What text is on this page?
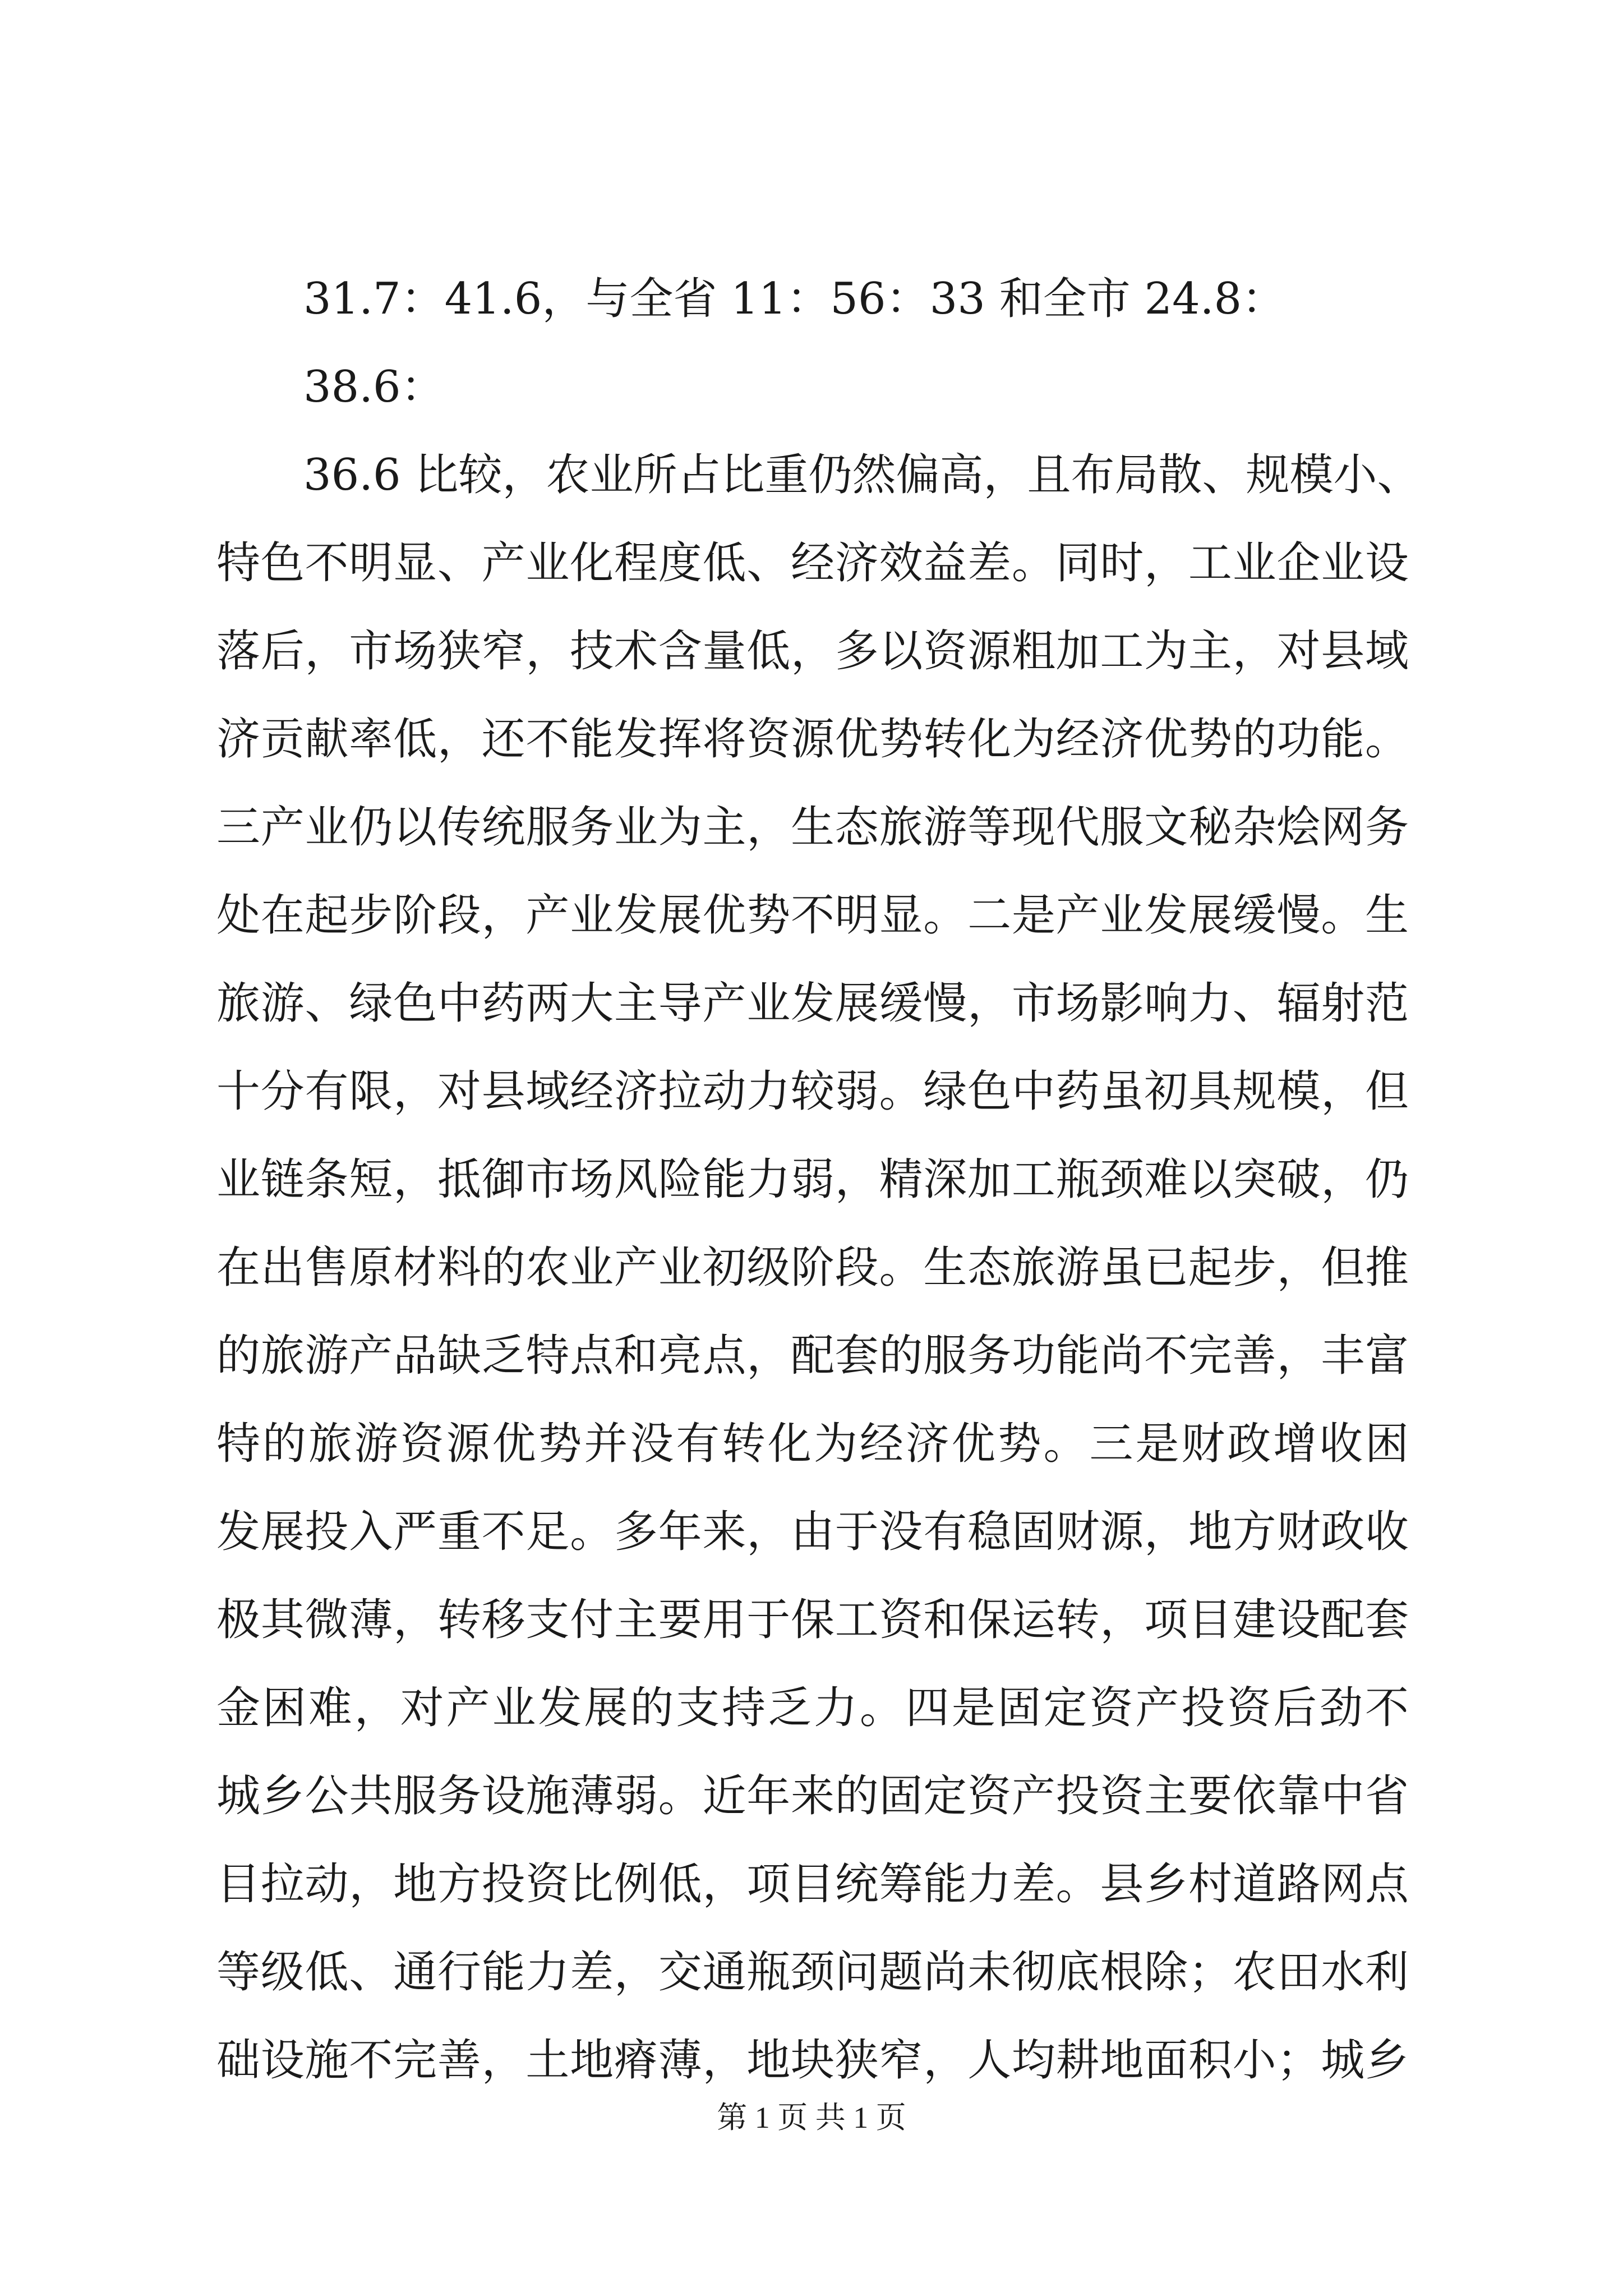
31.7：41.6，与全省 11：56：33 和全市 24.8：
38.6：
36.6 比较，农业所占比重仍然偏高，且布局散、规模小、
特色不明显、产业化程度低、经济效益差。同时，工业企业设
落后，市场狭窄，技术含量低，多以资源粗加工为主，对县域
济贡献率低，还不能发挥将资源优势转化为经济优势的功能。
三产业仍以传统服务业为主，生态旅游等现代服文秘杂烩网务
处在起步阶段，产业发展优势不明显。二是产业发展缓慢。生
旅游、绿色中药两大主导产业发展缓慢，市场影响力、辐射范
十分有限，对县域经济拉动力较弱。绿色中药虽初具规模，但
业链条短，抵御市场风险能力弱，精深加工瓶颈难以突破，仍
在出售原材料的农业产业初级阶段。生态旅游虽已起步，但推
的旅游产品缺乏特点和亮点，配套的服务功能尚不完善，丰富
特的旅游资源优势并没有转化为经济优势。三是财政增收困
发展投入严重不足。多年来，由于没有稳固财源，地方财政收
极其微薄，转移支付主要用于保工资和保运转，项目建设配套
金困难，对产业发展的支持乏力。四是固定资产投资后劲不
城乡公共服务设施薄弱。近年来的固定资产投资主要依靠中省
目拉动，地方投资比例低，项目统筹能力差。县乡村道路网点
等级低、通行能力差，交通瓶颈问题尚未彻底根除；农田水利
础设施不完善，土地瘠薄，地块狭窄，人均耕地面积小；城乡
第 1 页 共 1 页
